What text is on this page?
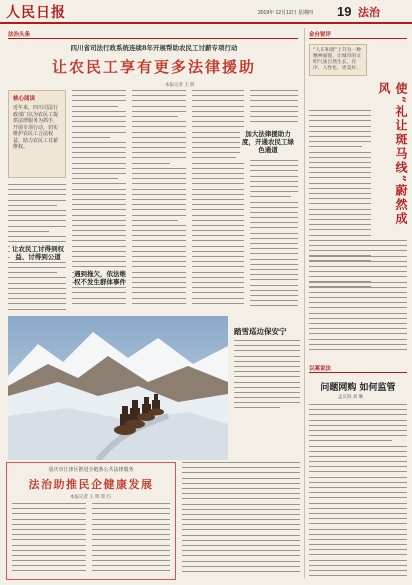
人民日报	2019年 12月12日 星期四 19 法治
法治头条
四川省司法行政系统连续8年开展帮助农民工讨薪专项行动
让农民工享有更多法律援助
本报记者 王 明
核心阅读
近年来，四川司法行政部门以为农民工提供法律服务为抓手，开展专项行动，切实维护农民工合法权益，助力农民工讨薪维权。
让农民工讨得到权益、讨得到公道
遇到拖欠，依法维权不发生群体事件
加大法律援助力度，开通农民工绿色通道
金台锐评
“人车和谐”上升为一种精神面貌，让城市的文明气质自然生长，有序、人性化、更美好。
使“礼让斑马线”蔚然成风
以案说法
问题网购 如何监管
孟庆海 刘 琳
踏雪巡边保安宁
重庆市江津区推进全链条公共法律服务
法治助推民企健康发展
本报记者 王 明 曾 巧
